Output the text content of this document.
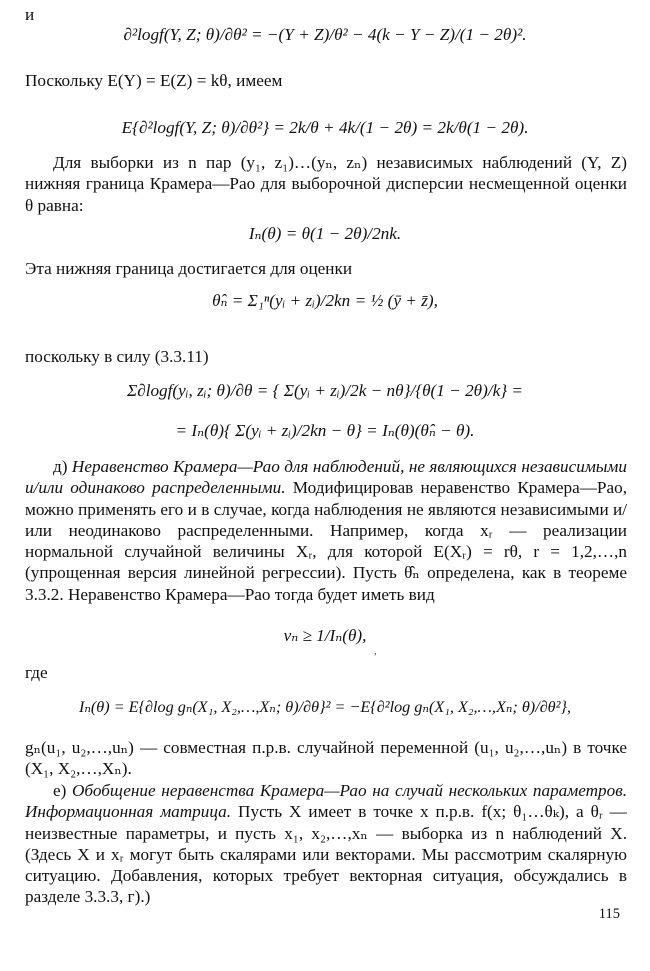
и

∂²logf(Y, Z; θ)/∂θ² = −(Y + Z)/θ² − 4(k − Y − Z)/(1 − 2θ)².

Поскольку E(Y) = E(Z) = kθ, имеем

E{∂²logf(Y, Z; θ)/∂θ²} = 2k/θ + 4k/(1 − 2θ) = 2k/θ(1 − 2θ).

Для выборки из n пар (y₁, z₁)…(yₙ, zₙ) независимых наблюдений (Y, Z) нижняя граница Крамера—Рао для выборочной дисперсии несмещенной оценки θ равна:

Iₙ(θ) = θ(1 − 2θ)/2nk.

Эта нижняя граница достигается для оценки

θ̂ₙ = Σ₁ⁿ(yᵢ + zᵢ)/2kn = ½ (ȳ + z̄),

поскольку в силу (3.3.11)

Σ∂logf(yᵢ, zᵢ; θ)/∂θ = { Σ(yᵢ + zᵢ)/2k − nθ}/{θ(1 − 2θ)/k} =
= Iₙ(θ){ Σ(yᵢ + zᵢ)/2kn − θ} = Iₙ(θ)(θ̂ₙ − θ).

д) Неравенство Крамера—Рао для наблюдений, не являющихся независимыми и/или одинаково распределенными. Модифицировав неравенство Крамера—Рао, можно применять его и в случае, когда наблюдения не являются независимыми и/или неодинаково распределенными. Например, когда xᵣ — реализации нормальной случайной величины Xᵣ, для которой E(Xᵣ) = rθ, r = 1,2,…,n (упрощенная версия линейной регрессии). Пусть θ̂ₙ определена, как в теореме 3.3.2. Неравенство Крамера—Рао тогда будет иметь вид

vₙ ≥ 1/Iₙ(θ),
,

где

Iₙ(θ) = E{∂log gₙ(X₁, X₂,…,Xₙ; θ)/∂θ}² = −E{∂²log gₙ(X₁, X₂,…,Xₙ; θ)/∂θ²},

gₙ(u₁, u₂,…,uₙ) — совместная п.р.в. случайной переменной (u₁, u₂,…,uₙ) в точке (X₁, X₂,…,Xₙ).

е) Обобщение неравенства Крамера—Рао на случай нескольких параметров. Информационная матрица. Пусть X имеет в точке x п.р.в. f(x; θ₁…θₖ), а θᵣ — неизвестные параметры, и пусть x₁, x₂,…,xₙ — выборка из n наблюдений X. (Здесь X и xᵣ могут быть скалярами или векторами. Мы рассмотрим скалярную ситуацию. Добавления, которых требует векторная ситуация, обсуждались в разделе 3.3.3, г).)

115
